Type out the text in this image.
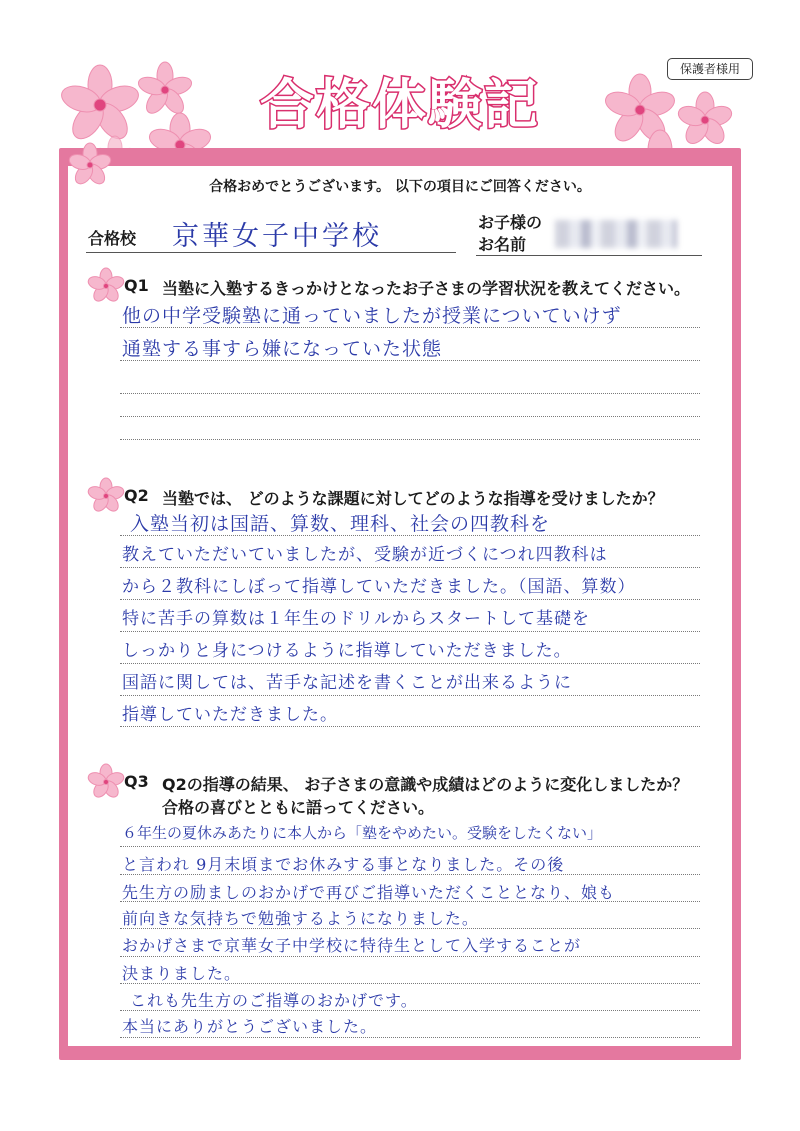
保護者様用
合格体験記
合格おめでとうございます。 以下の項目にご回答ください。
合格校 京華女子中学校	お子様の
お名前
Q1 当塾に入塾するきっかけとなったお子さまの学習状況を教えてください。
他の中学受験塾に通っていましたが授業についていけず
通塾する事すら嫌になっていた状態
Q2 当塾では、 どのような課題に対してどのような指導を受けましたか？
入塾当初は国語、算数、理科、社会の四教科を
教えていただいていましたが、受験が近づくにつれ四教科は
から２教科にしぼって指導していただきました。（国語、算数）
特に苦手の算数は１年生のドリルからスタートして基礎を
しっかりと身につけるように指導していただきました。
国語に関しては、苦手な記述を書くことが出来るように
指導していただきました。
Q3 Q2の指導の結果、 お子さまの意識や成績はどのように変化しましたか？
合格の喜びとともに語ってください。
６年生の夏休みあたりに本人から「塾をやめたい。受験をしたくない」
と言われ 9月末頃までお休みする事となりました。その後
先生方の励ましのおかげで再びご指導いただくこととなり、娘も
前向きな気持ちで勉強するようになりました。
おかげさまで京華女子中学校に特待生として入学することが
決まりました。
これも先生方のご指導のおかげです。
本当にありがとうございました。
